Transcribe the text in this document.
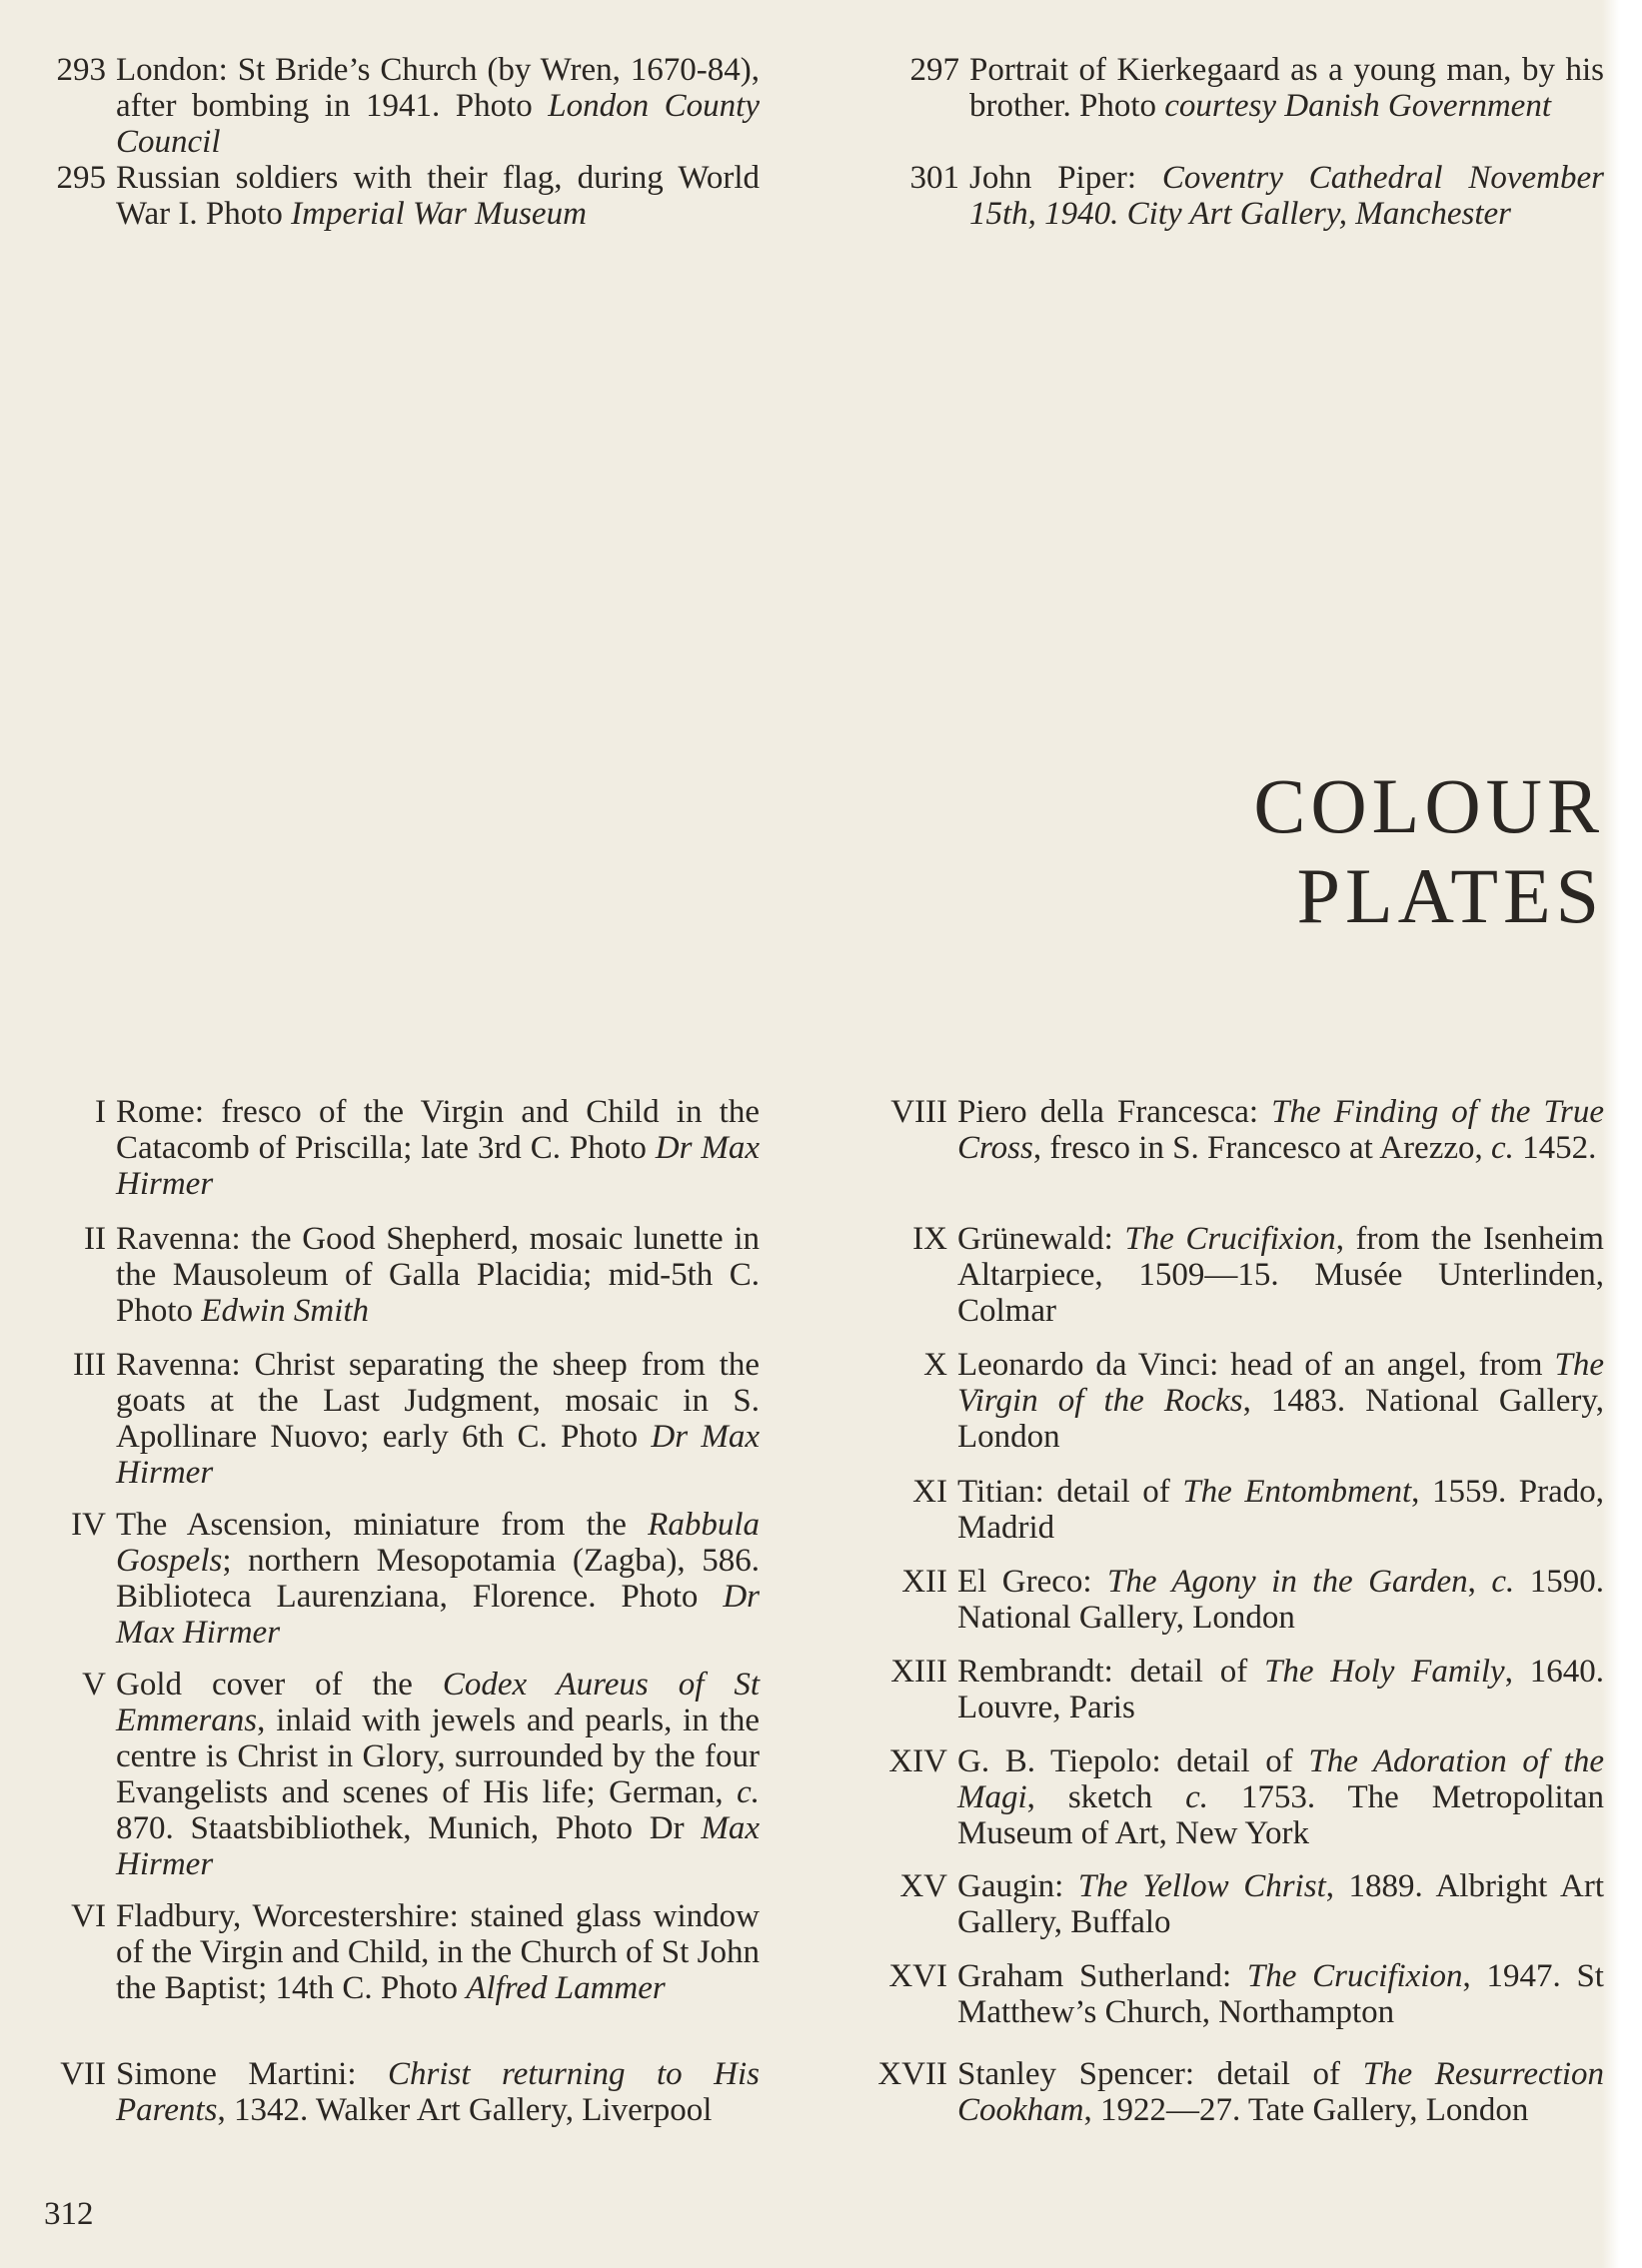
293 London: St Bride’s Church (by Wren, 1670-84), after bombing in 1941. Photo London County Council
295 Russian soldiers with their flag, during World War I. Photo Imperial War Museum
297 Portrait of Kierkegaard as a young man, by his brother. Photo courtesy Danish Government
301 John Piper: Coventry Cathedral November 15th, 1940. City Art Gallery, Manchester
COLOUR PLATES
I Rome: fresco of the Virgin and Child in the Catacomb of Priscilla; late 3rd C. Photo Dr Max Hirmer
II Ravenna: the Good Shepherd, mosaic lunette in the Mausoleum of Galla Placidia; mid-5th C. Photo Edwin Smith
III Ravenna: Christ separating the sheep from the goats at the Last Judgment, mosaic in S. Apollinare Nuovo; early 6th C. Photo Dr Max Hirmer
IV The Ascension, miniature from the Rabbula Gospels; northern Mesopotamia (Zagba), 586. Biblioteca Laurenziana, Florence. Photo Dr Max Hirmer
V Gold cover of the Codex Aureus of St Emmerans, inlaid with jewels and pearls, in the centre is Christ in Glory, surrounded by the four Evangelists and scenes of His life; German, c. 870. Staatsbibliothek, Munich, Photo Dr Max Hirmer
VI Fladbury, Worcestershire: stained glass window of the Virgin and Child, in the Church of St John the Baptist; 14th C. Photo Alfred Lammer
VII Simone Martini: Christ returning to His Parents, 1342. Walker Art Gallery, Liverpool
VIII Piero della Francesca: The Finding of the True Cross, fresco in S. Francesco at Arezzo, c. 1452.
IX Grünewald: The Crucifixion, from the Isenheim Altarpiece, 1509—15. Musée Unterlinden, Colmar
X Leonardo da Vinci: head of an angel, from The Virgin of the Rocks, 1483. National Gallery, London
XI Titian: detail of The Entombment, 1559. Prado, Madrid
XII El Greco: The Agony in the Garden, c. 1590. National Gallery, London
XIII Rembrandt: detail of The Holy Family, 1640. Louvre, Paris
XIV G. B. Tiepolo: detail of The Adoration of the Magi, sketch c. 1753. The Metropolitan Museum of Art, New York
XV Gaugin: The Yellow Christ, 1889. Albright Art Gallery, Buffalo
XVI Graham Sutherland: The Crucifixion, 1947. St Matthew’s Church, Northampton
XVII Stanley Spencer: detail of The Resurrection Cookham, 1922—27. Tate Gallery, London
312
